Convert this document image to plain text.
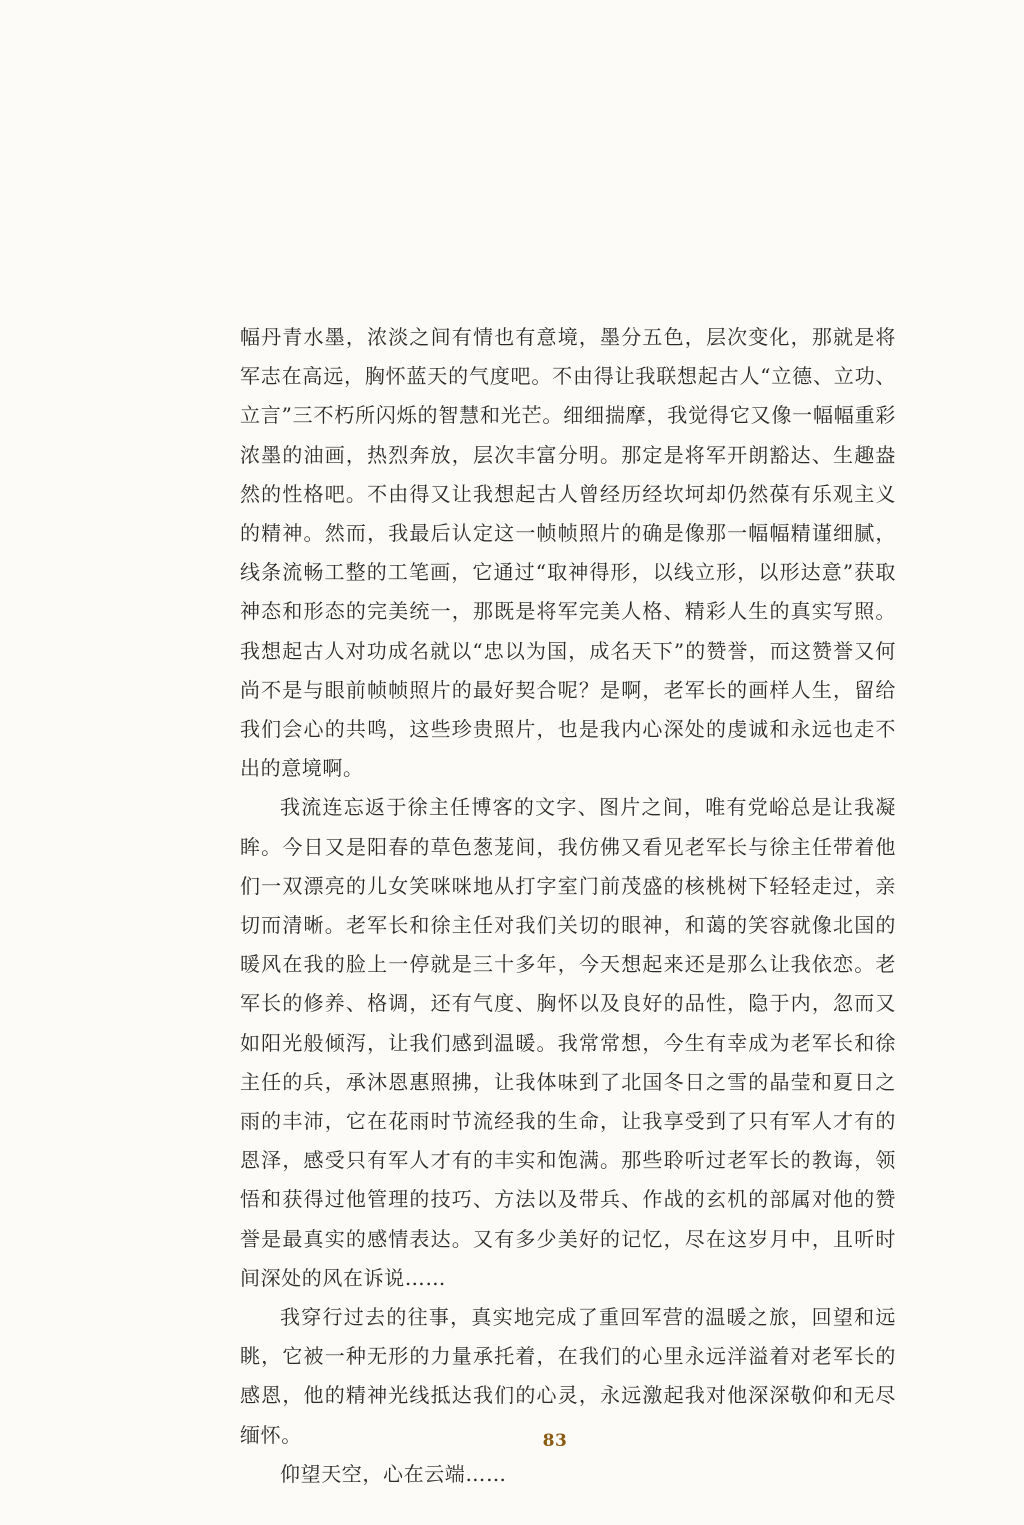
幅丹青水墨，浓淡之间有情也有意境，墨分五色，层次变化，那就是将军志在高远，胸怀蓝天的气度吧。不由得让我联想起古人“立德、立功、立言”三不朽所闪烁的智慧和光芒。细细揣摩，我觉得它又像一幅幅重彩浓墨的油画，热烈奔放，层次丰富分明。那定是将军开朗豁达、生趣盎然的性格吧。不由得又让我想起古人曾经历经坎坷却仍然葆有乐观主义的精神。然而，我最后认定这一帧帧照片的确是像那一幅幅精谨细腻，线条流畅工整的工笔画，它通过“取神得形，以线立形，以形达意”获取神态和形态的完美统一，那既是将军完美人格、精彩人生的真实写照。我想起古人对功成名就以“忠以为国，成名天下”的赞誉，而这赞誉又何尚不是与眼前帧帧照片的最好契合呢？是啊，老军长的画样人生，留给我们会心的共鸣，这些珍贵照片，也是我内心深处的虔诚和永远也走不出的意境啊。

我流连忘返于徐主任博客的文字、图片之间，唯有党峪总是让我凝眸。今日又是阳春的草色葱茏间，我仿佛又看见老军长与徐主任带着他们一双漂亮的儿女笑咪咪地从打字室门前茂盛的核桃树下轻轻走过，亲切而清晰。老军长和徐主任对我们关切的眼神，和蔼的笑容就像北国的暖风在我的脸上一停就是三十多年，今天想起来还是那么让我依恋。老军长的修养、格调，还有气度、胸怀以及良好的品性，隐于内，忽而又如阳光般倾泻，让我们感到温暖。我常常想，今生有幸成为老军长和徐主任的兵，承沐恩惠照拂，让我体味到了北国冬日之雪的晶莹和夏日之雨的丰沛，它在花雨时节流经我的生命，让我享受到了只有军人才有的恩泽，感受只有军人才有的丰实和饱满。那些聆听过老军长的教诲，领悟和获得过他管理的技巧、方法以及带兵、作战的玄机的部属对他的赞誉是最真实的感情表达。又有多少美好的记忆，尽在这岁月中，且听时间深处的风在诉说……

我穿行过去的往事，真实地完成了重回军营的温暖之旅，回望和远眺，它被一种无形的力量承托着，在我们的心里永远洋溢着对老军长的感恩，他的精神光线抵达我们的心灵，永远激起我对他深深敬仰和无尽缅怀。

仰望天空，心在云端……

83
